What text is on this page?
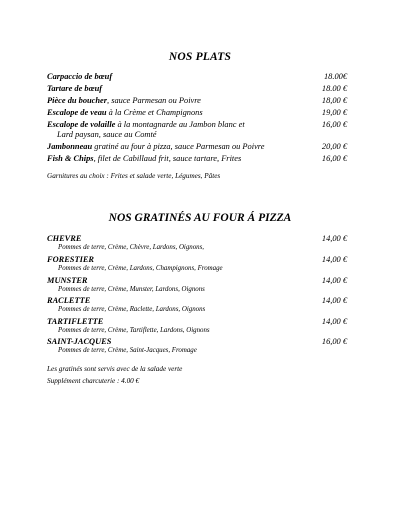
NOS PLATS
Carpaccio de bœuf	18.00€
Tartare de bœuf	18.00 €
Pièce du boucher, sauce Parmesan ou Poivre	18,00 €
Escalope de veau à la Crème et Champignons	19,00 €
Escalope de volaille à la montagnarde au Jambon blanc et	16,00 €
Lard paysan, sauce au Comté
Jambonneau gratiné au four à pizza, sauce Parmesan ou Poivre	20,00 €
Fish & Chips, filet de Cabillaud frit, sauce tartare, Frites	16,00 €
Garnitures au choix : Frites et salade verte, Légumes, Pâtes
NOS GRATINÉS AU FOUR Á PIZZA
CHEVRE	14,00 €
Pommes de terre, Crème, Chèvre, Lardons, Oignons,
FORESTIER	14,00 €
Pommes de terre, Crème, Lardons, Champignons, Fromage
MUNSTER	14,00 €
Pommes de terre, Crème, Munster, Lardons, Oignons
RACLETTE	14,00 €
Pommes de terre, Crème, Raclette, Lardons, Oignons
TARTIFLETTE	14,00 €
Pommes de terre, Crème, Tartiflette, Lardons, Oignons
SAINT-JACQUES	16,00 €
Pommes de terre, Crème, Saint-Jacques, Fromage
Les gratinés sont servis avec de la salade verte
Supplément charcuterie : 4.00 €
